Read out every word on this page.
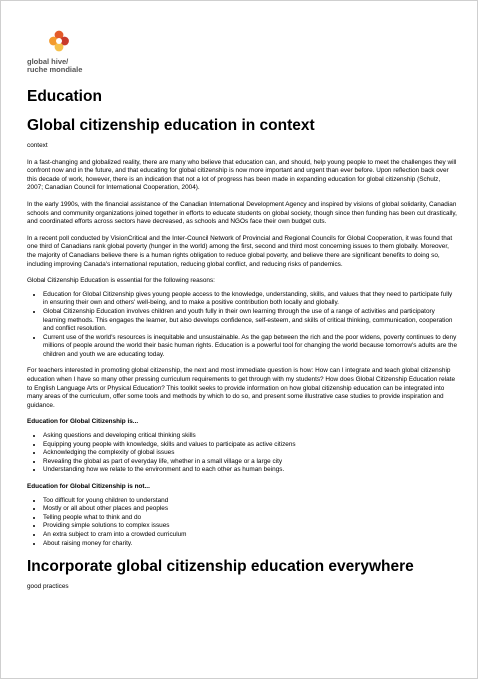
global hive/
ruche mondiale
Education
Global citizenship education in context

context

In a fast-changing and globalized reality, there are many who believe that education can, and should, help young people to meet the challenges they will confront now and in the future, and that educating for global citizenship is now more important and urgent than ever before. Upon reflection back over this decade of work, however, there is an indication that not a lot of progress has been made in expanding education for global citizenship (Schulz, 2007; Canadian Council for International Cooperation, 2004).

In the early 1990s, with the financial assistance of the Canadian International Development Agency and inspired by visions of global solidarity, Canadian schools and community organizations joined together in efforts to educate students on global society, though since then funding has been cut drastically, and coordinated efforts across sectors have decreased, as schools and NGOs face their own budget cuts.

In a recent poll conducted by VisionCritical and the Inter-Council Network of Provincial and Regional Councils for Global Cooperation, it was found that one third of Canadians rank global poverty (hunger in the world) among the first, second and third most concerning issues to them globally. Moreover, the majority of Canadians believe there is a human rights obligation to reduce global poverty, and believe there are significant benefits to doing so, including improving Canada's international reputation, reducing global conflict, and reducing risks of pandemics.

Global Citizenship Education is essential for the following reasons:

• Education for Global Citizenship gives young people access to the knowledge, understanding, skills, and values that they need to participate fully in ensuring their own and others' well-being, and to make a positive contribution both locally and globally.
• Global Citizenship Education involves children and youth fully in their own learning through the use of a range of activities and participatory learning methods. This engages the learner, but also develops confidence, self-esteem, and skills of critical thinking, communication, cooperation and conflict resolution.
• Current use of the world's resources is inequitable and unsustainable. As the gap between the rich and the poor widens, poverty continues to deny millions of people around the world their basic human rights. Education is a powerful tool for changing the world because tomorrow's adults are the children and youth we are educating today.

For teachers interested in promoting global citizenship, the next and most immediate question is how: How can I integrate and teach global citizenship education when I have so many other pressing curriculum requirements to get through with my students? How does Global Citizenship Education relate to English Language Arts or Physical Education? This toolkit seeks to provide information on how global citizenship education can be integrated into many areas of the curriculum, offer some tools and methods by which to do so, and present some illustrative case studies to provide inspiration and guidance.

Education for Global Citizenship is...

• Asking questions and developing critical thinking skills
• Equipping young people with knowledge, skills and values to participate as active citizens
• Acknowledging the complexity of global issues
• Revealing the global as part of everyday life, whether in a small village or a large city
• Understanding how we relate to the environment and to each other as human beings.

Education for Global Citizenship is not...

• Too difficult for young children to understand
• Mostly or all about other places and peoples
• Telling people what to think and do
• Providing simple solutions to complex issues
• An extra subject to cram into a crowded curriculum
• About raising money for charity.
Incorporate global citizenship education everywhere

good practices
